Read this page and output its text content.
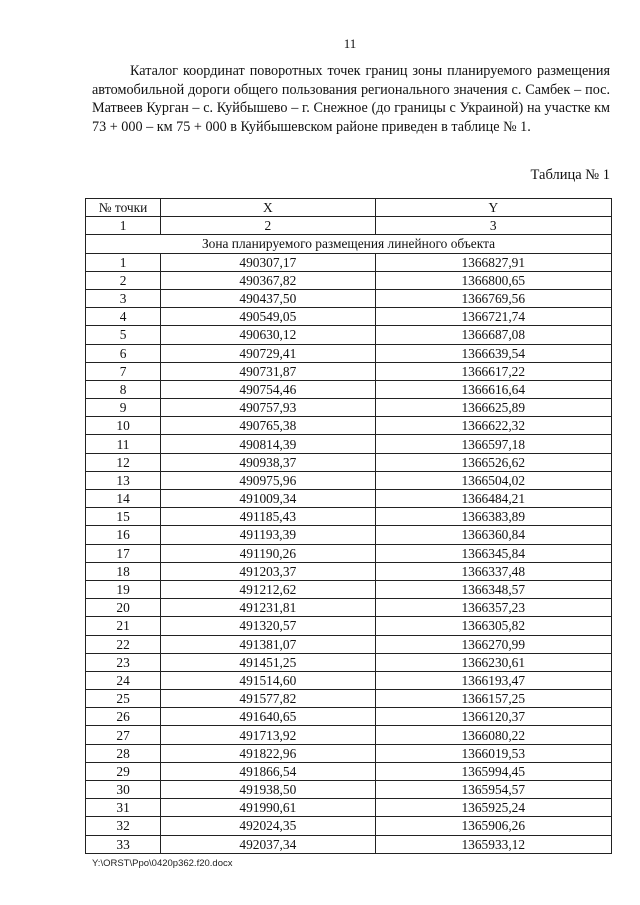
11

Каталог координат поворотных точек границ зоны планируемого размещения автомобильной дороги общего пользования регионального значения с. Самбек – пос. Матвеев Курган – с. Куйбышево – г. Снежное (до границы с Украиной) на участке км 73 + 000 – км 75 + 000 в Куйбышевском районе приведен в таблице № 1.

Таблица № 1
№ точки	X	Y
1	2	3
Зона планируемого размещения линейного объекта		
1	490307,17	1366827,91
2	490367,82	1366800,65
3	490437,50	1366769,56
4	490549,05	1366721,74
5	490630,12	1366687,08
6	490729,41	1366639,54
7	490731,87	1366617,22
8	490754,46	1366616,64
9	490757,93	1366625,89
10	490765,38	1366622,32
11	490814,39	1366597,18
12	490938,37	1366526,62
13	490975,96	1366504,02
14	491009,34	1366484,21
15	491185,43	1366383,89
16	491193,39	1366360,84
17	491190,26	1366345,84
18	491203,37	1366337,48
19	491212,62	1366348,57
20	491231,81	1366357,23
21	491320,57	1366305,82
22	491381,07	1366270,99
23	491451,25	1366230,61
24	491514,60	1366193,47
25	491577,82	1366157,25
26	491640,65	1366120,37
27	491713,92	1366080,22
28	491822,96	1366019,53
29	491866,54	1365994,45
30	491938,50	1365954,57
31	491990,61	1365925,24
32	492024,35	1365906,26
33	492037,34	1365933,12
Y:\ORST\Ppo\0420p362.f20.docx
